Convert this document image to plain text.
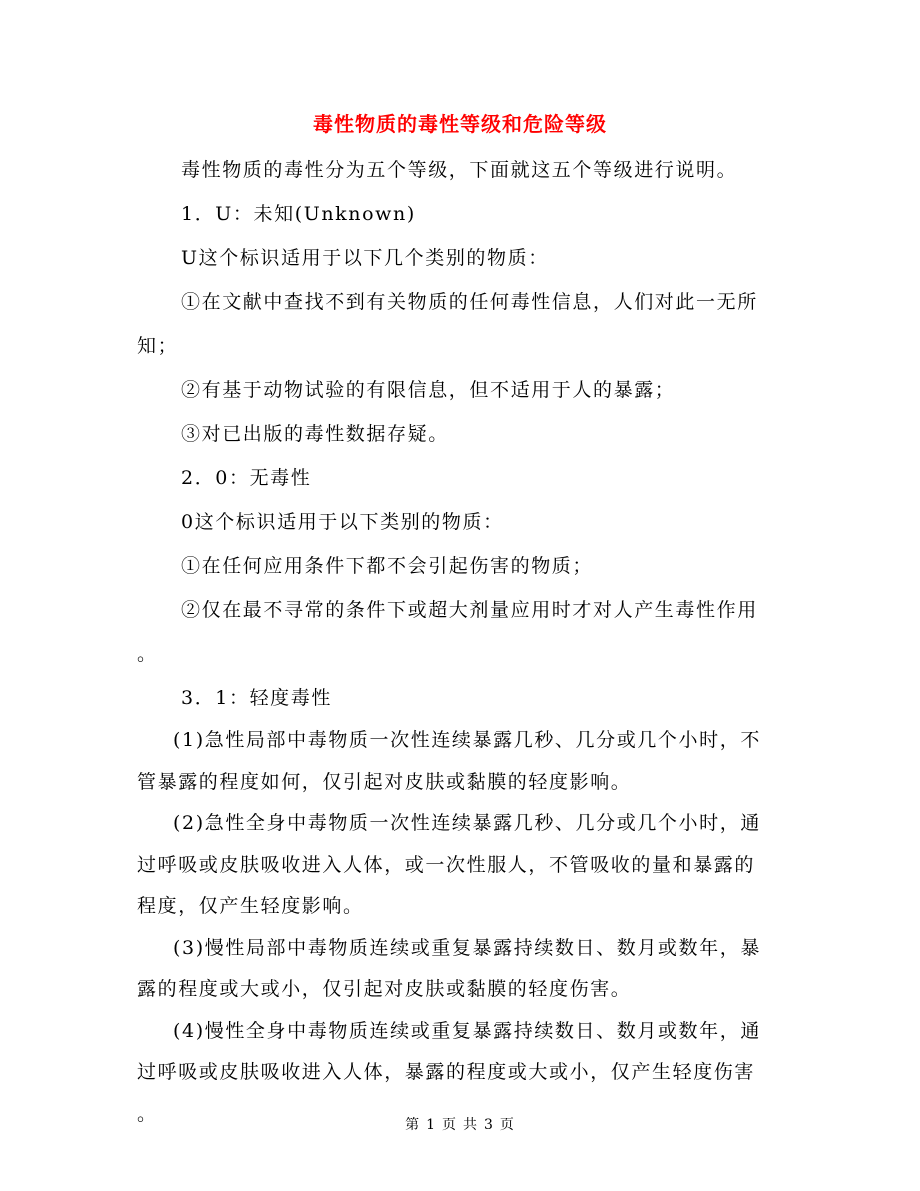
毒性物质的毒性等级和危险等级

毒性物质的毒性分为五个等级，下面就这五个等级进行说明。

1．U：未知(Unknown)

U这个标识适用于以下几个类别的物质：

①在文献中查找不到有关物质的任何毒性信息，人们对此一无所

知；

②有基于动物试验的有限信息，但不适用于人的暴露；

③对已出版的毒性数据存疑。

2．0：无毒性

0这个标识适用于以下类别的物质：

①在任何应用条件下都不会引起伤害的物质；

②仅在最不寻常的条件下或超大剂量应用时才对人产生毒性作用

。

3．1：轻度毒性

(1)急性局部中毒物质一次性连续暴露几秒、几分或几个小时，不

管暴露的程度如何，仅引起对皮肤或黏膜的轻度影响。

(2)急性全身中毒物质一次性连续暴露几秒、几分或几个小时，通

过呼吸或皮肤吸收进入人体，或一次性服人，不管吸收的量和暴露的

程度，仅产生轻度影响。

(3)慢性局部中毒物质连续或重复暴露持续数日、数月或数年，暴

露的程度或大或小，仅引起对皮肤或黏膜的轻度伤害。

(4)慢性全身中毒物质连续或重复暴露持续数日、数月或数年，通

过呼吸或皮肤吸收进入人体，暴露的程度或大或小，仅产生轻度伤害

。

第 1 页 共 3 页
